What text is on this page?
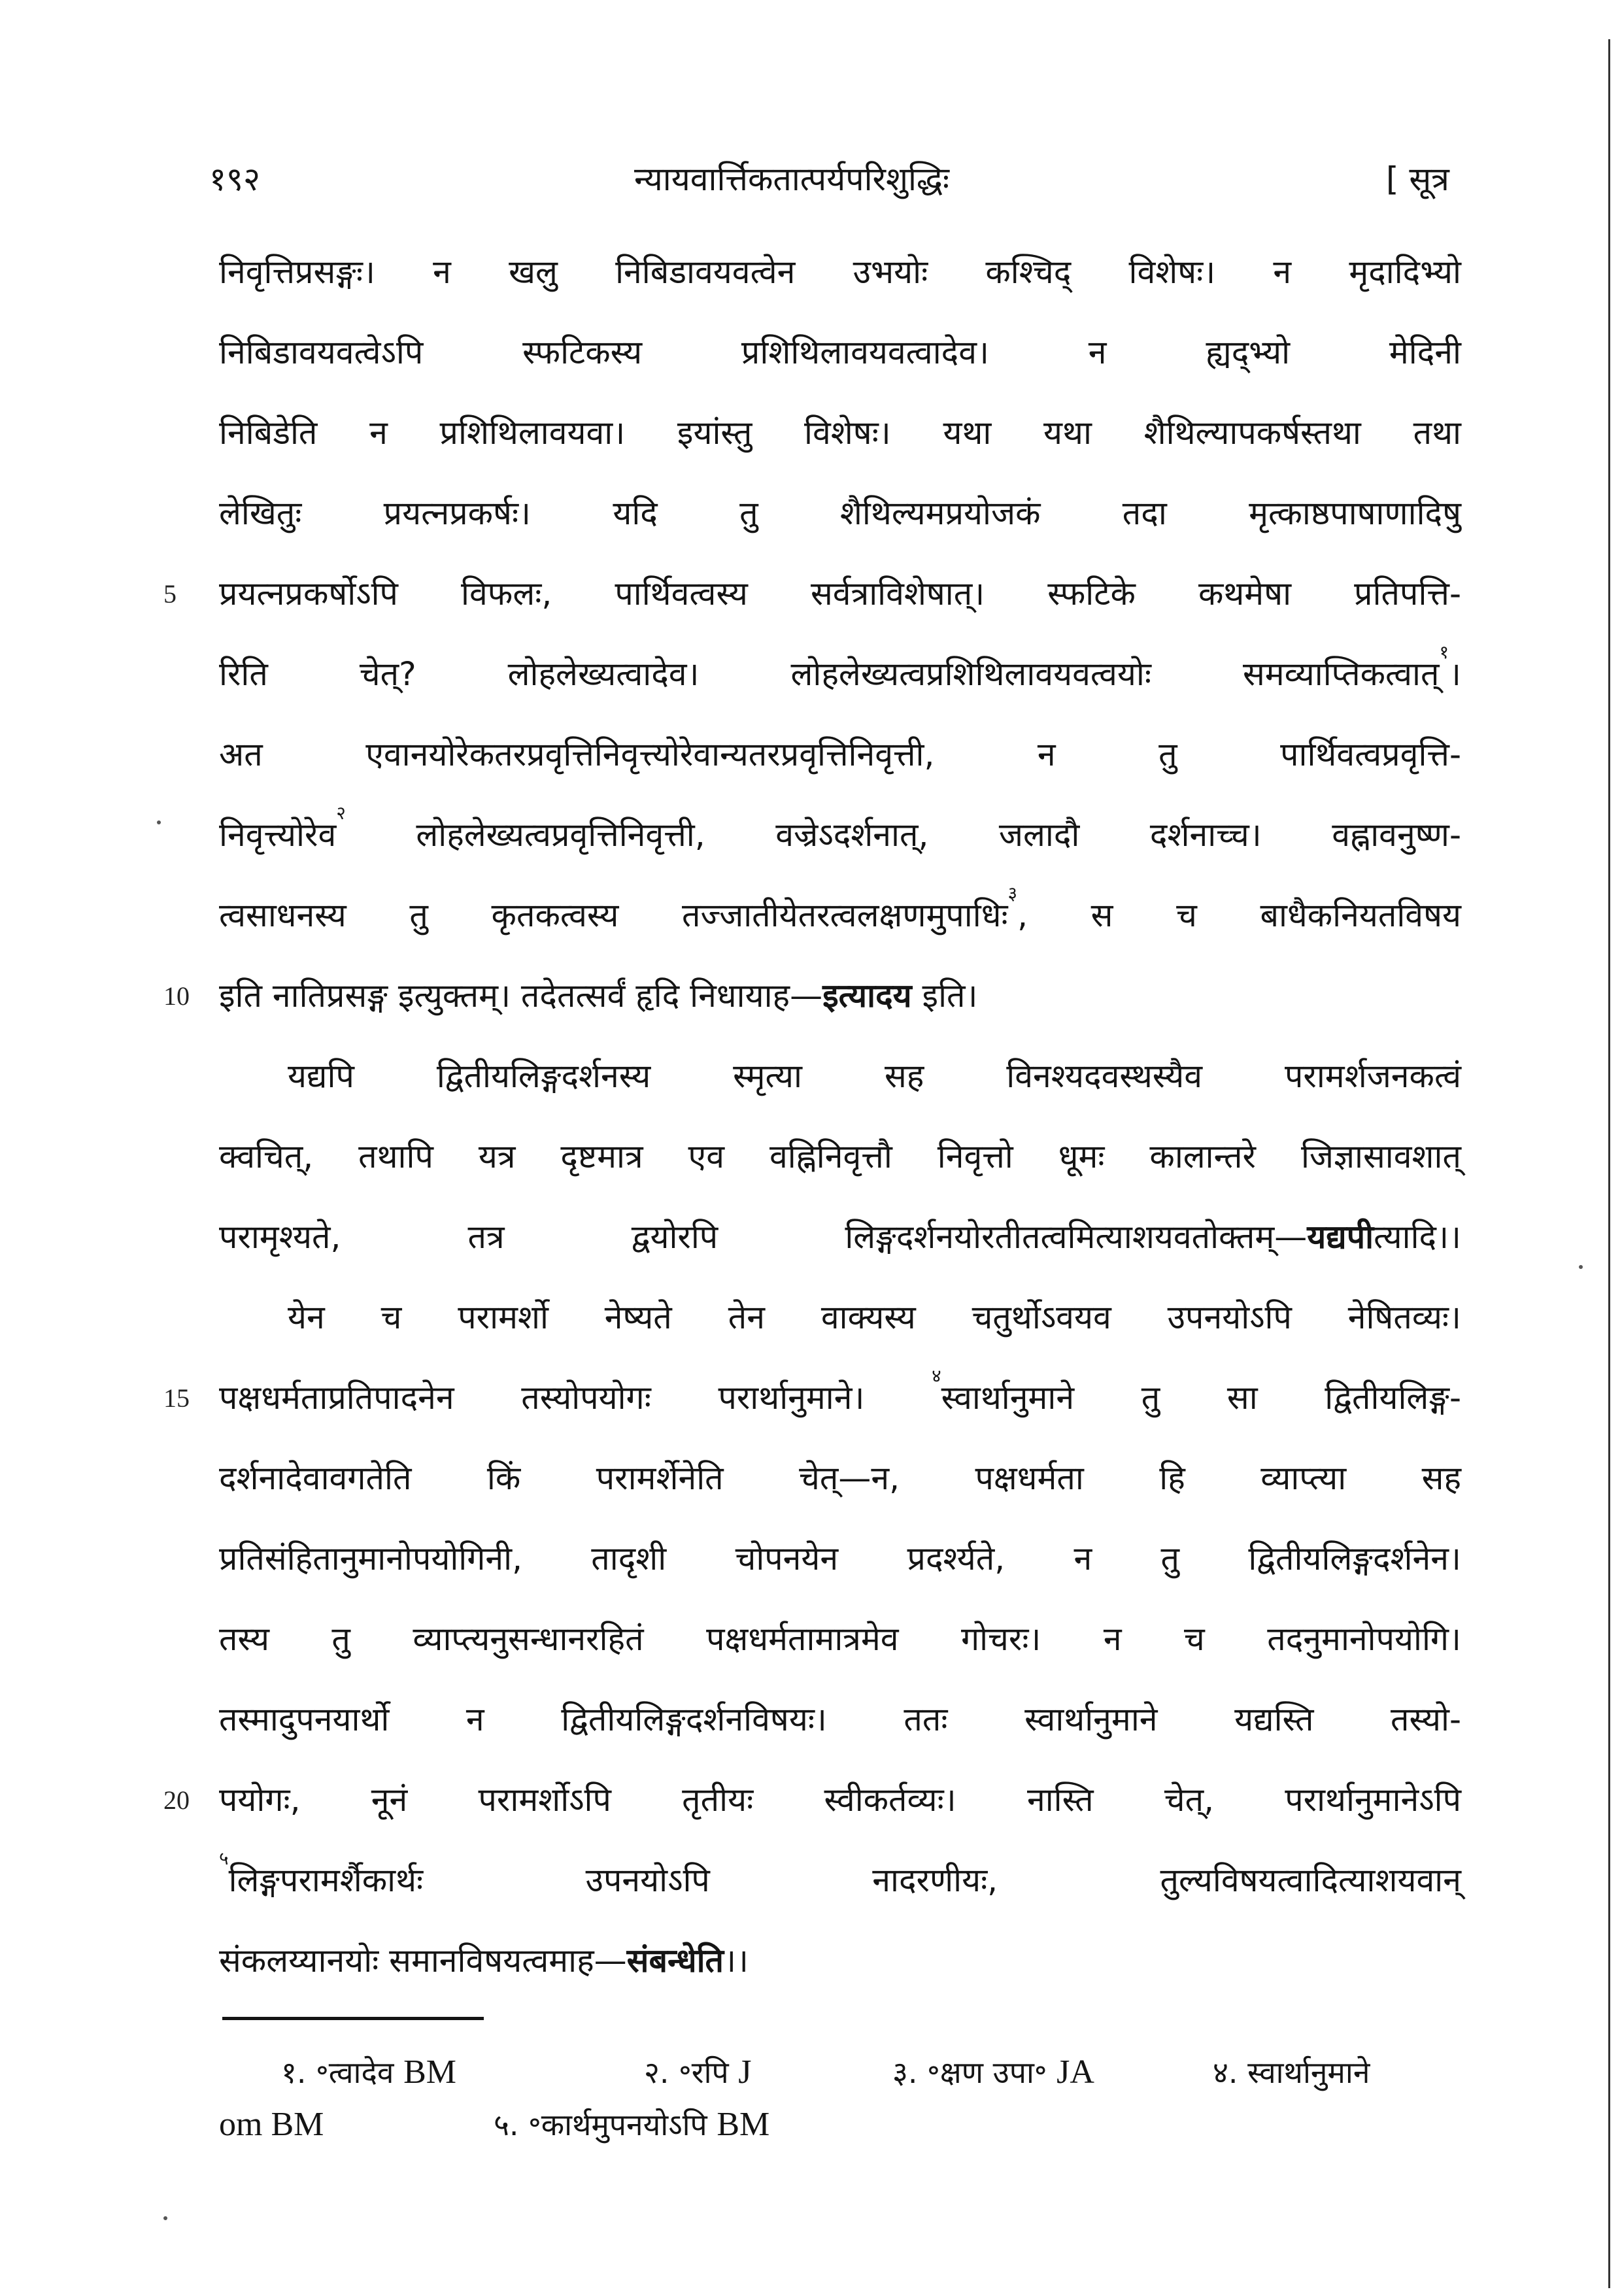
१९२	न्यायवार्त्तिकतात्पर्यपरिशुद्धिः	[ सूत्र
निवृत्तिप्रसङ्गः। न खलु निबिडावयवत्वेन उभयोः कश्चिद् विशेषः। न मृदादिभ्यो
निबिडावयवत्वेऽपि स्फटिकस्य प्रशिथिलावयवत्वादेव। न ह्यद्भ्यो मेदिनी
निबिडेति न प्रशिथिलावयवा। इयांस्तु विशेषः। यथा यथा शैथिल्यापकर्षस्तथा तथा
लेखितुः प्रयत्नप्रकर्षः। यदि तु शैथिल्यमप्रयोजकं तदा मृत्काष्ठपाषाणादिषु
5 प्रयत्नप्रकर्षोऽपि विफलः, पार्थिवत्वस्य सर्वत्राविशेषात्। स्फटिके कथमेषा प्रतिपत्ति-
रिति चेत्? लोहलेख्यत्वादेव। लोहलेख्यत्वप्रशिथिलावयवत्वयोः समव्याप्तिकत्वात्$^१$।
अत एवानयोरेकतरप्रवृत्तिनिवृत्त्योरेवान्यतरप्रवृत्तिनिवृत्ती, न तु पार्थिवत्वप्रवृत्ति-
निवृत्त्योरेव$^२$ लोहलेख्यत्वप्रवृत्तिनिवृत्ती, वज्रेऽदर्शनात्, जलादौ दर्शनाच्च। वह्नावनुष्ण-
त्वसाधनस्य तु कृतकत्वस्य तज्जातीयेतरत्वलक्षणमुपाधिः$^३$, स च बाधैकनियतविषय
10 इति नातिप्रसङ्ग इत्युक्तम्। तदेतत्सर्वं हृदि निधायाह—इत्यादय इति।
यद्यपि द्वितीयलिङ्गदर्शनस्य स्मृत्या सह विनश्यदवस्थस्यैव परामर्शजनकत्वं
क्वचित्, तथापि यत्र दृष्टमात्र एव वह्निनिवृत्तौ निवृत्तो धूमः कालान्तरे जिज्ञासावशात्
परामृश्यते, तत्र द्वयोरपि लिङ्गदर्शनयोरतीतत्वमित्याशयवतोक्तम्—यद्यपीत्यादि।।
येन च परामर्शो नेष्यते तेन वाक्यस्य चतुर्थोऽवयव उपनयोऽपि नेषितव्यः।
15 पक्षधर्मताप्रतिपादनेन तस्योपयोगः परार्थानुमाने। $^४$स्वार्थानुमाने तु सा द्वितीयलिङ्ग-
दर्शनादेवावगतेति किं परामर्शेनेति चेत्—न, पक्षधर्मता हि व्याप्त्या सह
प्रतिसंहितानुमानोपयोगिनी, तादृशी चोपनयेन प्रदर्श्यते, न तु द्वितीयलिङ्गदर्शनेन।
तस्य तु व्याप्त्यनुसन्धानरहितं पक्षधर्मतामात्रमेव गोचरः। न च तदनुमानोपयोगि।
तस्मादुपनयार्थो न द्वितीयलिङ्गदर्शनविषयः। ततः स्वार्थानुमाने यद्यस्ति तस्यो-
20 पयोगः, नूनं परामर्शोऽपि तृतीयः स्वीकर्तव्यः। नास्ति चेत्, परार्थानुमानेऽपि
$^५$लिङ्गपरामर्शैकार्थः उपनयोऽपि नादरणीयः, तुल्यविषयत्वादित्याशयवान्
संकलय्यानयोः समानविषयत्वमाह—संबन्धेति।।
१. ॰त्वादेव BM	२. ॰रपि J	३. ॰क्षण उपा॰ JA	४. स्वार्थानुमाने
om BM	५. ॰कार्थमुपनयोऽपि BM
